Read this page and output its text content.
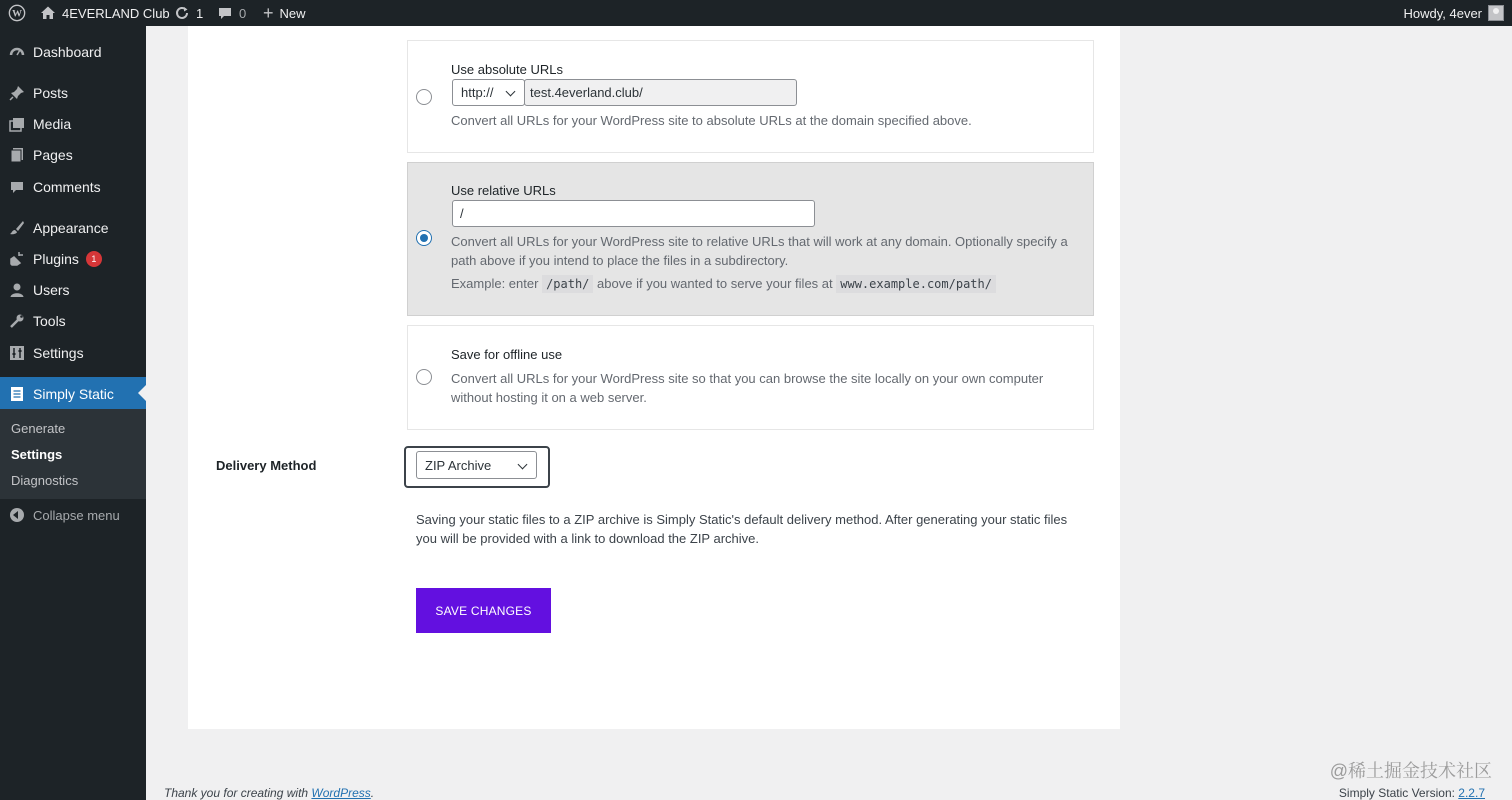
W	4EVERLAND Club 1	0 + New	Howdy, 4ever
Dashboard
Posts
Media
Pages
Comments
Appearance
Plugins	1
Users
Tools
Settings
Simply Static
Generate
Settings
Diagnostics
Collapse menu
Use absolute URLs
http://	test.4everland.club/
Convert all URLs for your WordPress site to absolute URLs at the domain specified above.
Use relative URLs
/
Convert all URLs for your WordPress site to relative URLs that will work at any domain. Optionally specify a
path above if you intend to place the files in a subdirectory.
Example: enter /path/ above if you wanted to serve your files at www.example.com/path/
Save for offline use
Convert all URLs for your WordPress site so that you can browse the site locally on your own computer
without hosting it on a web server.
Delivery Method	ZIP Archive
Saving your static files to a ZIP archive is Simply Static's default delivery method. After generating your static files
you will be provided with a link to download the ZIP archive.
SAVE CHANGES
Thank you for creating with WordPress.	Simply Static Version: 2.2.7
@稀土掘金技术社区
